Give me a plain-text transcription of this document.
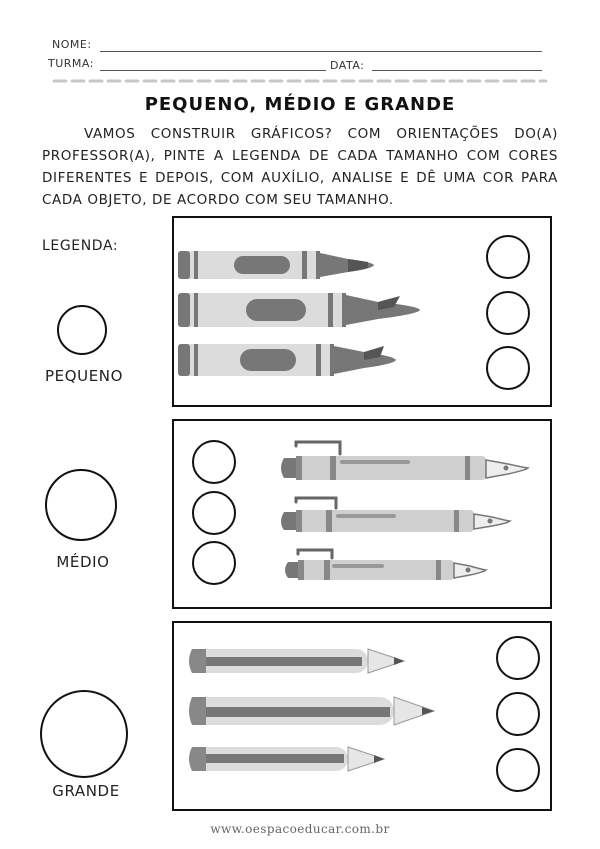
NOME:
TURMA:	DATA:
PEQUENO, MÉDIO E GRANDE

VAMOS CONSTRUIR GRÁFICOS? COM ORIENTAÇÕES DO(A) PROFESSOR(A), PINTE A LEGENDA DE CADA TAMANHO COM CORES DIFERENTES E DEPOIS, COM AUXÍLIO, ANALISE E DÊ UMA COR PARA CADA OBJETO, DE ACORDO COM SEU TAMANHO.

LEGENDA:
PEQUENO
MÉDIO
GRANDE
www.oespacoeducar.com.br
